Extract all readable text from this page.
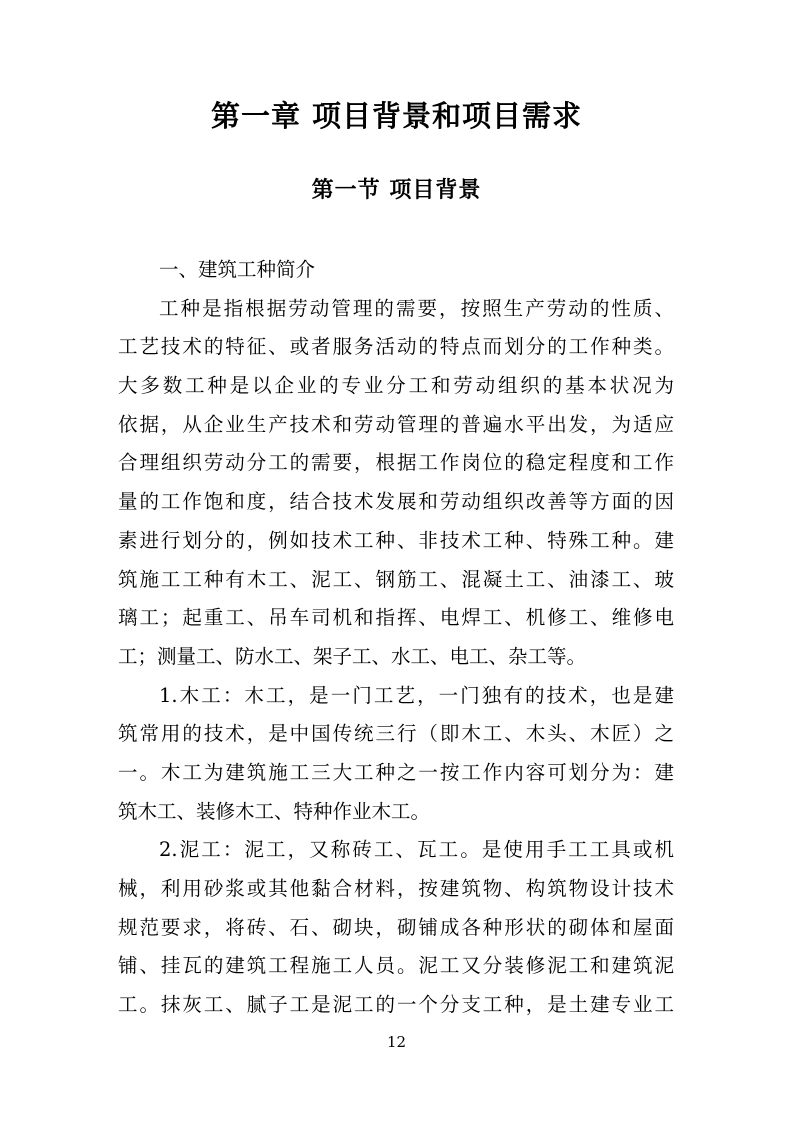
第一章 项目背景和项目需求
第一节 项目背景
一、建筑工种简介
工种是指根据劳动管理的需要，按照生产劳动的性质、
工艺技术的特征、或者服务活动的特点而划分的工作种类。
大多数工种是以企业的专业分工和劳动组织的基本状况为
依据，从企业生产技术和劳动管理的普遍水平出发，为适应
合理组织劳动分工的需要，根据工作岗位的稳定程度和工作
量的工作饱和度，结合技术发展和劳动组织改善等方面的因
素进行划分的，例如技术工种、非技术工种、特殊工种。建
筑施工工种有木工、泥工、钢筋工、混凝土工、油漆工、玻
璃工；起重工、吊车司机和指挥、电焊工、机修工、维修电
工；测量工、防水工、架子工、水工、电工、杂工等。
1.木工：木工，是一门工艺，一门独有的技术，也是建
筑常用的技术，是中国传统三行（即木工、木头、木匠）之
一。木工为建筑施工三大工种之一按工作内容可划分为：建
筑木工、装修木工、特种作业木工。
2.泥工：泥工，又称砖工、瓦工。是使用手工工具或机
械，利用砂浆或其他黏合材料，按建筑物、构筑物设计技术
规范要求，将砖、石、砌块，砌铺成各种形状的砌体和屋面
铺、挂瓦的建筑工程施工人员。泥工又分装修泥工和建筑泥
工。抹灰工、腻子工是泥工的一个分支工种，是土建专业工
12
